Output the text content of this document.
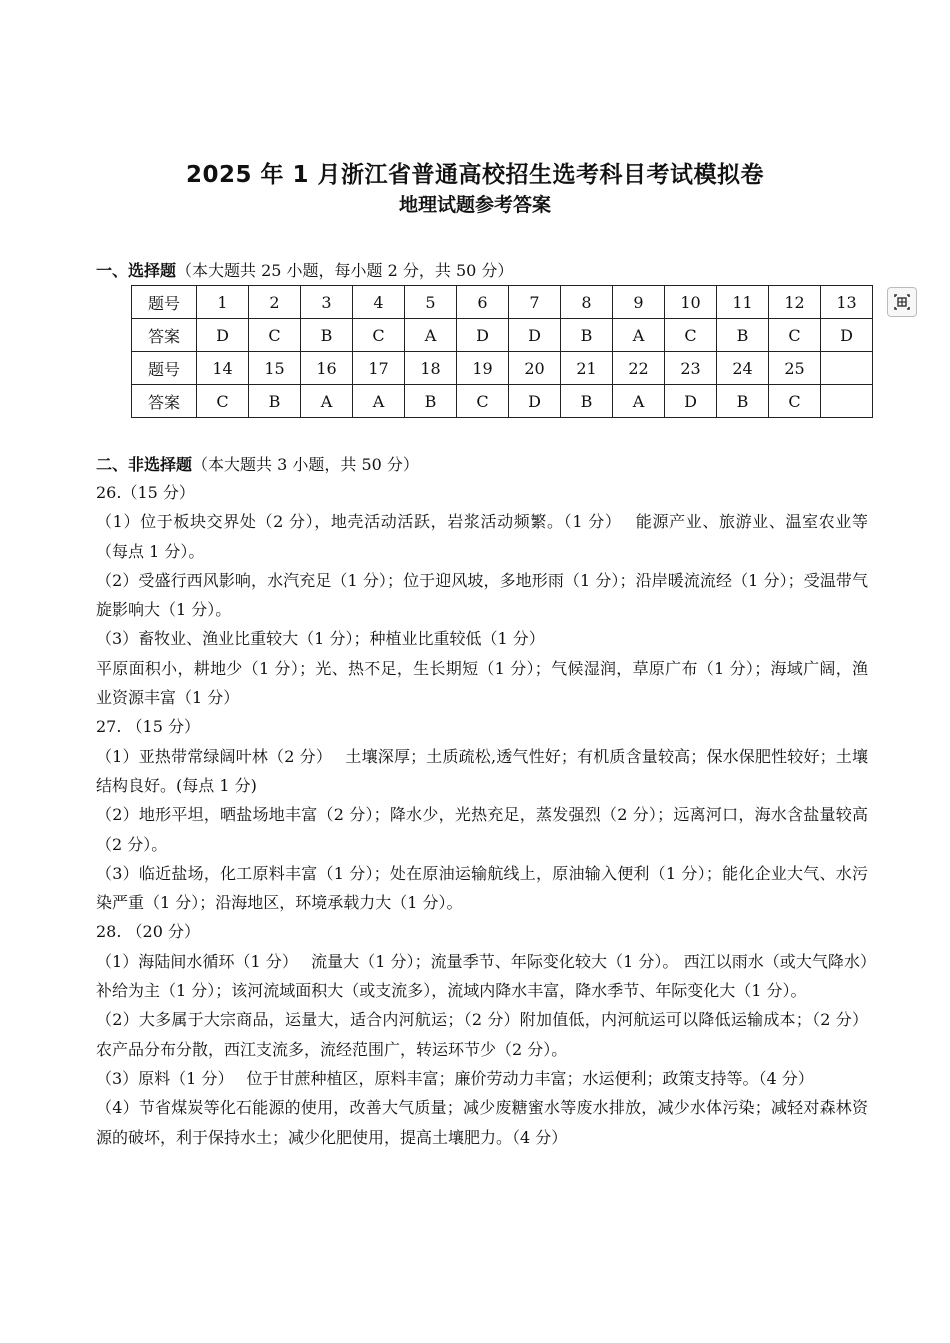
2025 年 1 月浙江省普通高校招生选考科目考试模拟卷
地理试题参考答案
一、选择题（本大题共 25 小题，每小题 2 分，共 50 分）
题号	1	2	3	4	5	6	7	8	9	10	11	12	13
答案	D	C	B	C	A	D	D	B	A	C	B	C	D
题号	14	15	16	17	18	19	20	21	22	23	24	25	
答案	C	B	A	A	B	C	D	B	A	D	B	C	
二、非选择题（本大题共 3 小题，共 50 分）

26.（15 分）

（1）位于板块交界处（2 分），地壳活动活跃，岩浆活动频繁。（1 分）　 能源产业、旅游业、温室农业等（每点 1 分）。

（2）受盛行西风影响，水汽充足（1 分）；位于迎风坡，多地形雨（1 分）；沿岸暖流流经（1 分）；受温带气旋影响大（1 分）。

（3）畜牧业、渔业比重较大（1 分）；种植业比重较低（1 分）

平原面积小，耕地少（1 分）；光、热不足，生长期短（1 分）；气候湿润，草原广布（1 分）；海域广阔，渔业资源丰富（1 分）

27. （15 分）

（1）亚热带常绿阔叶林（2 分）　 土壤深厚；土质疏松,透气性好；有机质含量较高；保水保肥性较好；土壤结构良好。(每点 1 分)

（2）地形平坦，晒盐场地丰富（2 分）；降水少，光热充足，蒸发强烈（2 分）；远离河口，海水含盐量较高（2 分）。

（3）临近盐场，化工原料丰富（1 分）；处在原油运输航线上，原油输入便利（1 分）；能化企业大气、水污染严重（1 分）；沿海地区，环境承载力大（1 分）。

28. （20 分）

（1）海陆间水循环（1 分）　 流量大（1 分）；流量季节、年际变化较大（1 分）。 西江以雨水（或大气降水）补给为主（1 分）；该河流域面积大（或支流多），流域内降水丰富，降水季节、年际变化大（1 分）。

（2）大多属于大宗商品，运量大，适合内河航运；（2 分）附加值低，内河航运可以降低运输成本；（2 分）农产品分布分散，西江支流多，流经范围广，转运环节少（2 分）。

（3）原料（1 分）　 位于甘蔗种植区，原料丰富；廉价劳动力丰富；水运便利；政策支持等。（4 分）

（4）节省煤炭等化石能源的使用，改善大气质量；减少废糖蜜水等废水排放，减少水体污染；减轻对森林资源的破坏，利于保持水土；减少化肥使用，提高土壤肥力。（4 分）
